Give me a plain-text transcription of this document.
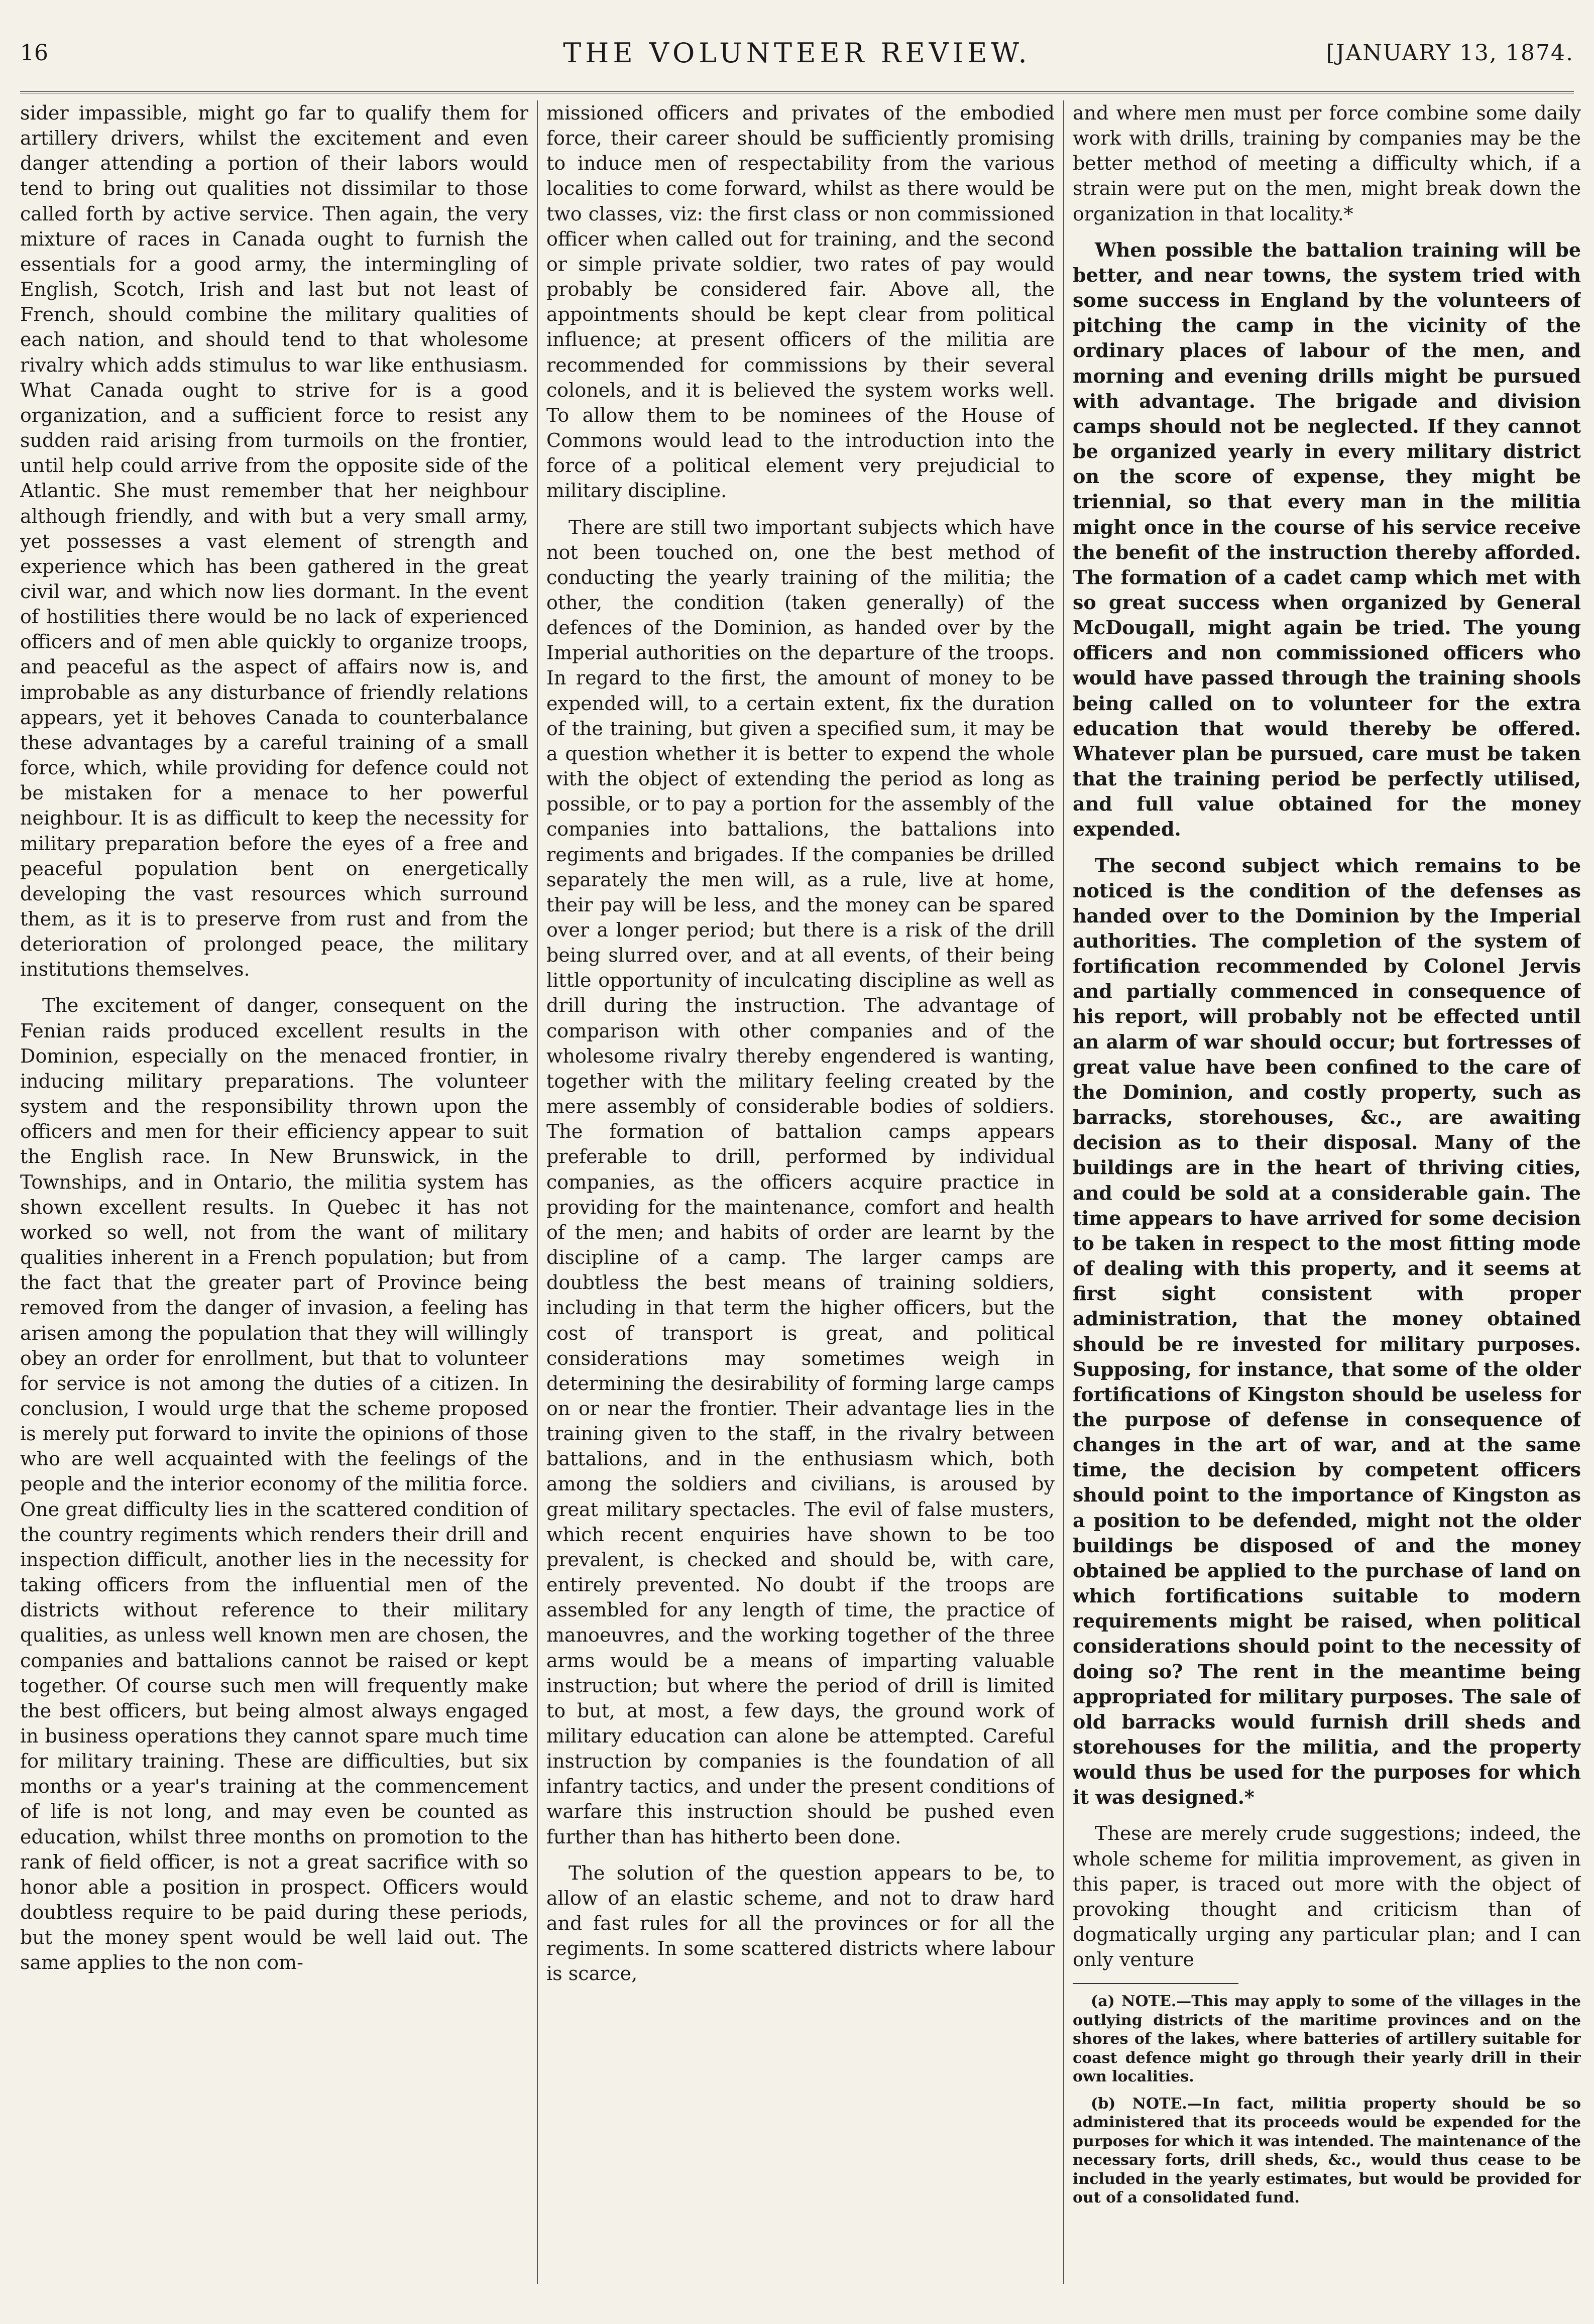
16	THE VOLUNTEER REVIEW.	[JANUARY 13, 1874.

sider impassible, might go far to qualify them for artillery drivers, whilst the excitement and even danger attending a portion of their labors would tend to bring out qualities not dissimilar to those called forth by active service. Then again, the very mixture of races in Canada ought to furnish the essentials for a good army, the intermingling of English, Scotch, Irish and last but not least of French, should combine the military qualities of each nation, and should tend to that wholesome rivalry which adds stimulus to war like enthusiasm. What Canada ought to strive for is a good organization, and a sufficient force to resist any sudden raid arising from turmoils on the frontier, until help could arrive from the opposite side of the Atlantic. She must remember that her neighbour although friendly, and with but a very small army, yet possesses a vast element of strength and experience which has been gathered in the great civil war, and which now lies dormant. In the event of hostilities there would be no lack of experienced officers and of men able quickly to organize troops, and peaceful as the aspect of affairs now is, and improbable as any disturbance of friendly relations appears, yet it behoves Canada to counterbalance these advantages by a careful training of a small force, which, while providing for defence could not be mistaken for a menace to her powerful neighbour. It is as difficult to keep the necessity for military preparation before the eyes of a free and peaceful population bent on energetically developing the vast resources which surround them, as it is to preserve from rust and from the deterioration of prolonged peace, the military institutions themselves.

The excitement of danger, consequent on the Fenian raids produced excellent results in the Dominion, especially on the menaced frontier, in inducing military preparations. The volunteer system and the responsibility thrown upon the officers and men for their efficiency appear to suit the English race. In New Brunswick, in the Townships, and in Ontario, the militia system has shown excellent results. In Quebec it has not worked so well, not from the want of military qualities inherent in a French population; but from the fact that the greater part of Province being removed from the danger of invasion, a feeling has arisen among the population that they will willingly obey an order for enrollment, but that to volunteer for service is not among the duties of a citizen. In conclusion, I would urge that the scheme proposed is merely put forward to invite the opinions of those who are well acquainted with the feelings of the people and the interior economy of the militia force. One great difficulty lies in the scattered condition of the country regiments which renders their drill and inspection difficult, another lies in the necessity for taking officers from the influential men of the districts without reference to their military qualities, as unless well known men are chosen, the companies and battalions cannot be raised or kept together. Of course such men will frequently make the best officers, but being almost always engaged in business operations they cannot spare much time for military training. These are difficulties, but six months or a year's training at the commencement of life is not long, and may even be counted as education, whilst three months on promotion to the rank of field officer, is not a great sacrifice with so honor able a position in prospect. Officers would doubtless require to be paid during these periods, but the money spent would be well laid out. The same applies to the non com-

missioned officers and privates of the embodied force, their career should be sufficiently promising to induce men of respectability from the various localities to come forward, whilst as there would be two classes, viz: the first class or non commissioned officer when called out for training, and the second or simple private soldier, two rates of pay would probably be considered fair. Above all, the appointments should be kept clear from political influence; at present officers of the militia are recommended for commissions by their several colonels, and it is believed the system works well. To allow them to be nominees of the House of Commons would lead to the introduction into the force of a political element very prejudicial to military discipline.

There are still two important subjects which have not been touched on, one the best method of conducting the yearly training of the militia; the other, the condition (taken generally) of the defences of the Dominion, as handed over by the Imperial authorities on the departure of the troops. In regard to the first, the amount of money to be expended will, to a certain extent, fix the duration of the training, but given a specified sum, it may be a question whether it is better to expend the whole with the object of extending the period as long as possible, or to pay a portion for the assembly of the companies into battalions, the battalions into regiments and brigades. If the companies be drilled separately the men will, as a rule, live at home, their pay will be less, and the money can be spared over a longer period; but there is a risk of the drill being slurred over, and at all events, of their being little opportunity of inculcating discipline as well as drill during the instruction. The advantage of comparison with other companies and of the wholesome rivalry thereby engendered is wanting, together with the military feeling created by the mere assembly of considerable bodies of soldiers. The formation of battalion camps appears preferable to drill, performed by individual companies, as the officers acquire practice in providing for the maintenance, comfort and health of the men; and habits of order are learnt by the discipline of a camp. The larger camps are doubtless the best means of training soldiers, including in that term the higher officers, but the cost of transport is great, and political considerations may sometimes weigh in determining the desirability of forming large camps on or near the frontier. Their advantage lies in the training given to the staff, in the rivalry between battalions, and in the enthusiasm which, both among the soldiers and civilians, is aroused by great military spectacles. The evil of false musters, which recent enquiries have shown to be too prevalent, is checked and should be, with care, entirely prevented. No doubt if the troops are assembled for any length of time, the practice of manoeuvres, and the working together of the three arms would be a means of imparting valuable instruction; but where the period of drill is limited to but, at most, a few days, the ground work of military education can alone be attempted. Careful instruction by companies is the foundation of all infantry tactics, and under the present conditions of warfare this instruction should be pushed even further than has hitherto been done.

The solution of the question appears to be, to allow of an elastic scheme, and not to draw hard and fast rules for all the provinces or for all the regiments. In some scattered districts where labour is scarce,

and where men must per force combine some daily work with drills, training by companies may be the better method of meeting a difficulty which, if a strain were put on the men, might break down the organization in that locality.*

When possible the battalion training will be better, and near towns, the system tried with some success in England by the volunteers of pitching the camp in the vicinity of the ordinary places of labour of the men, and morning and evening drills might be pursued with advantage. The brigade and division camps should not be neglected. If they cannot be organized yearly in every military district on the score of expense, they might be triennial, so that every man in the militia might once in the course of his service receive the benefit of the instruction thereby afforded. The formation of a cadet camp which met with so great success when organized by General McDougall, might again be tried. The young officers and non commissioned officers who would have passed through the training shools being called on to volunteer for the extra education that would thereby be offered. Whatever plan be pursued, care must be taken that the training period be perfectly utilised, and full value obtained for the money expended.

The second subject which remains to be noticed is the condition of the defenses as handed over to the Dominion by the Imperial authorities. The completion of the system of fortification recommended by Colonel Jervis and partially commenced in consequence of his report, will probably not be effected until an alarm of war should occur; but fortresses of great value have been confined to the care of the Dominion, and costly property, such as barracks, storehouses, &c., are awaiting decision as to their disposal. Many of the buildings are in the heart of thriving cities, and could be sold at a considerable gain. The time appears to have arrived for some decision to be taken in respect to the most fitting mode of dealing with this property, and it seems at first sight consistent with proper administration, that the money obtained should be re invested for military purposes. Supposing, for instance, that some of the older fortifications of Kingston should be useless for the purpose of defense in consequence of changes in the art of war, and at the same time, the decision by competent officers should point to the importance of Kingston as a position to be defended, might not the older buildings be disposed of and the money obtained be applied to the purchase of land on which fortifications suitable to modern requirements might be raised, when political considerations should point to the necessity of doing so? The rent in the meantime being appropriated for military purposes. The sale of old barracks would furnish drill sheds and storehouses for the militia, and the property would thus be used for the purposes for which it was designed.*

These are merely crude suggestions; indeed, the whole scheme for militia improvement, as given in this paper, is traced out more with the object of provoking thought and criticism than of dogmatically urging any particular plan; and I can only venture

(a) NOTE.—This may apply to some of the villages in the outlying districts of the maritime provinces and on the shores of the lakes, where batteries of artillery suitable for coast defence might go through their yearly drill in their own localities.

(b) NOTE.—In fact, militia property should be so administered that its proceeds would be expended for the purposes for which it was intended. The maintenance of the necessary forts, drill sheds, &c., would thus cease to be included in the yearly estimates, but would be provided for out of a consolidated fund.
